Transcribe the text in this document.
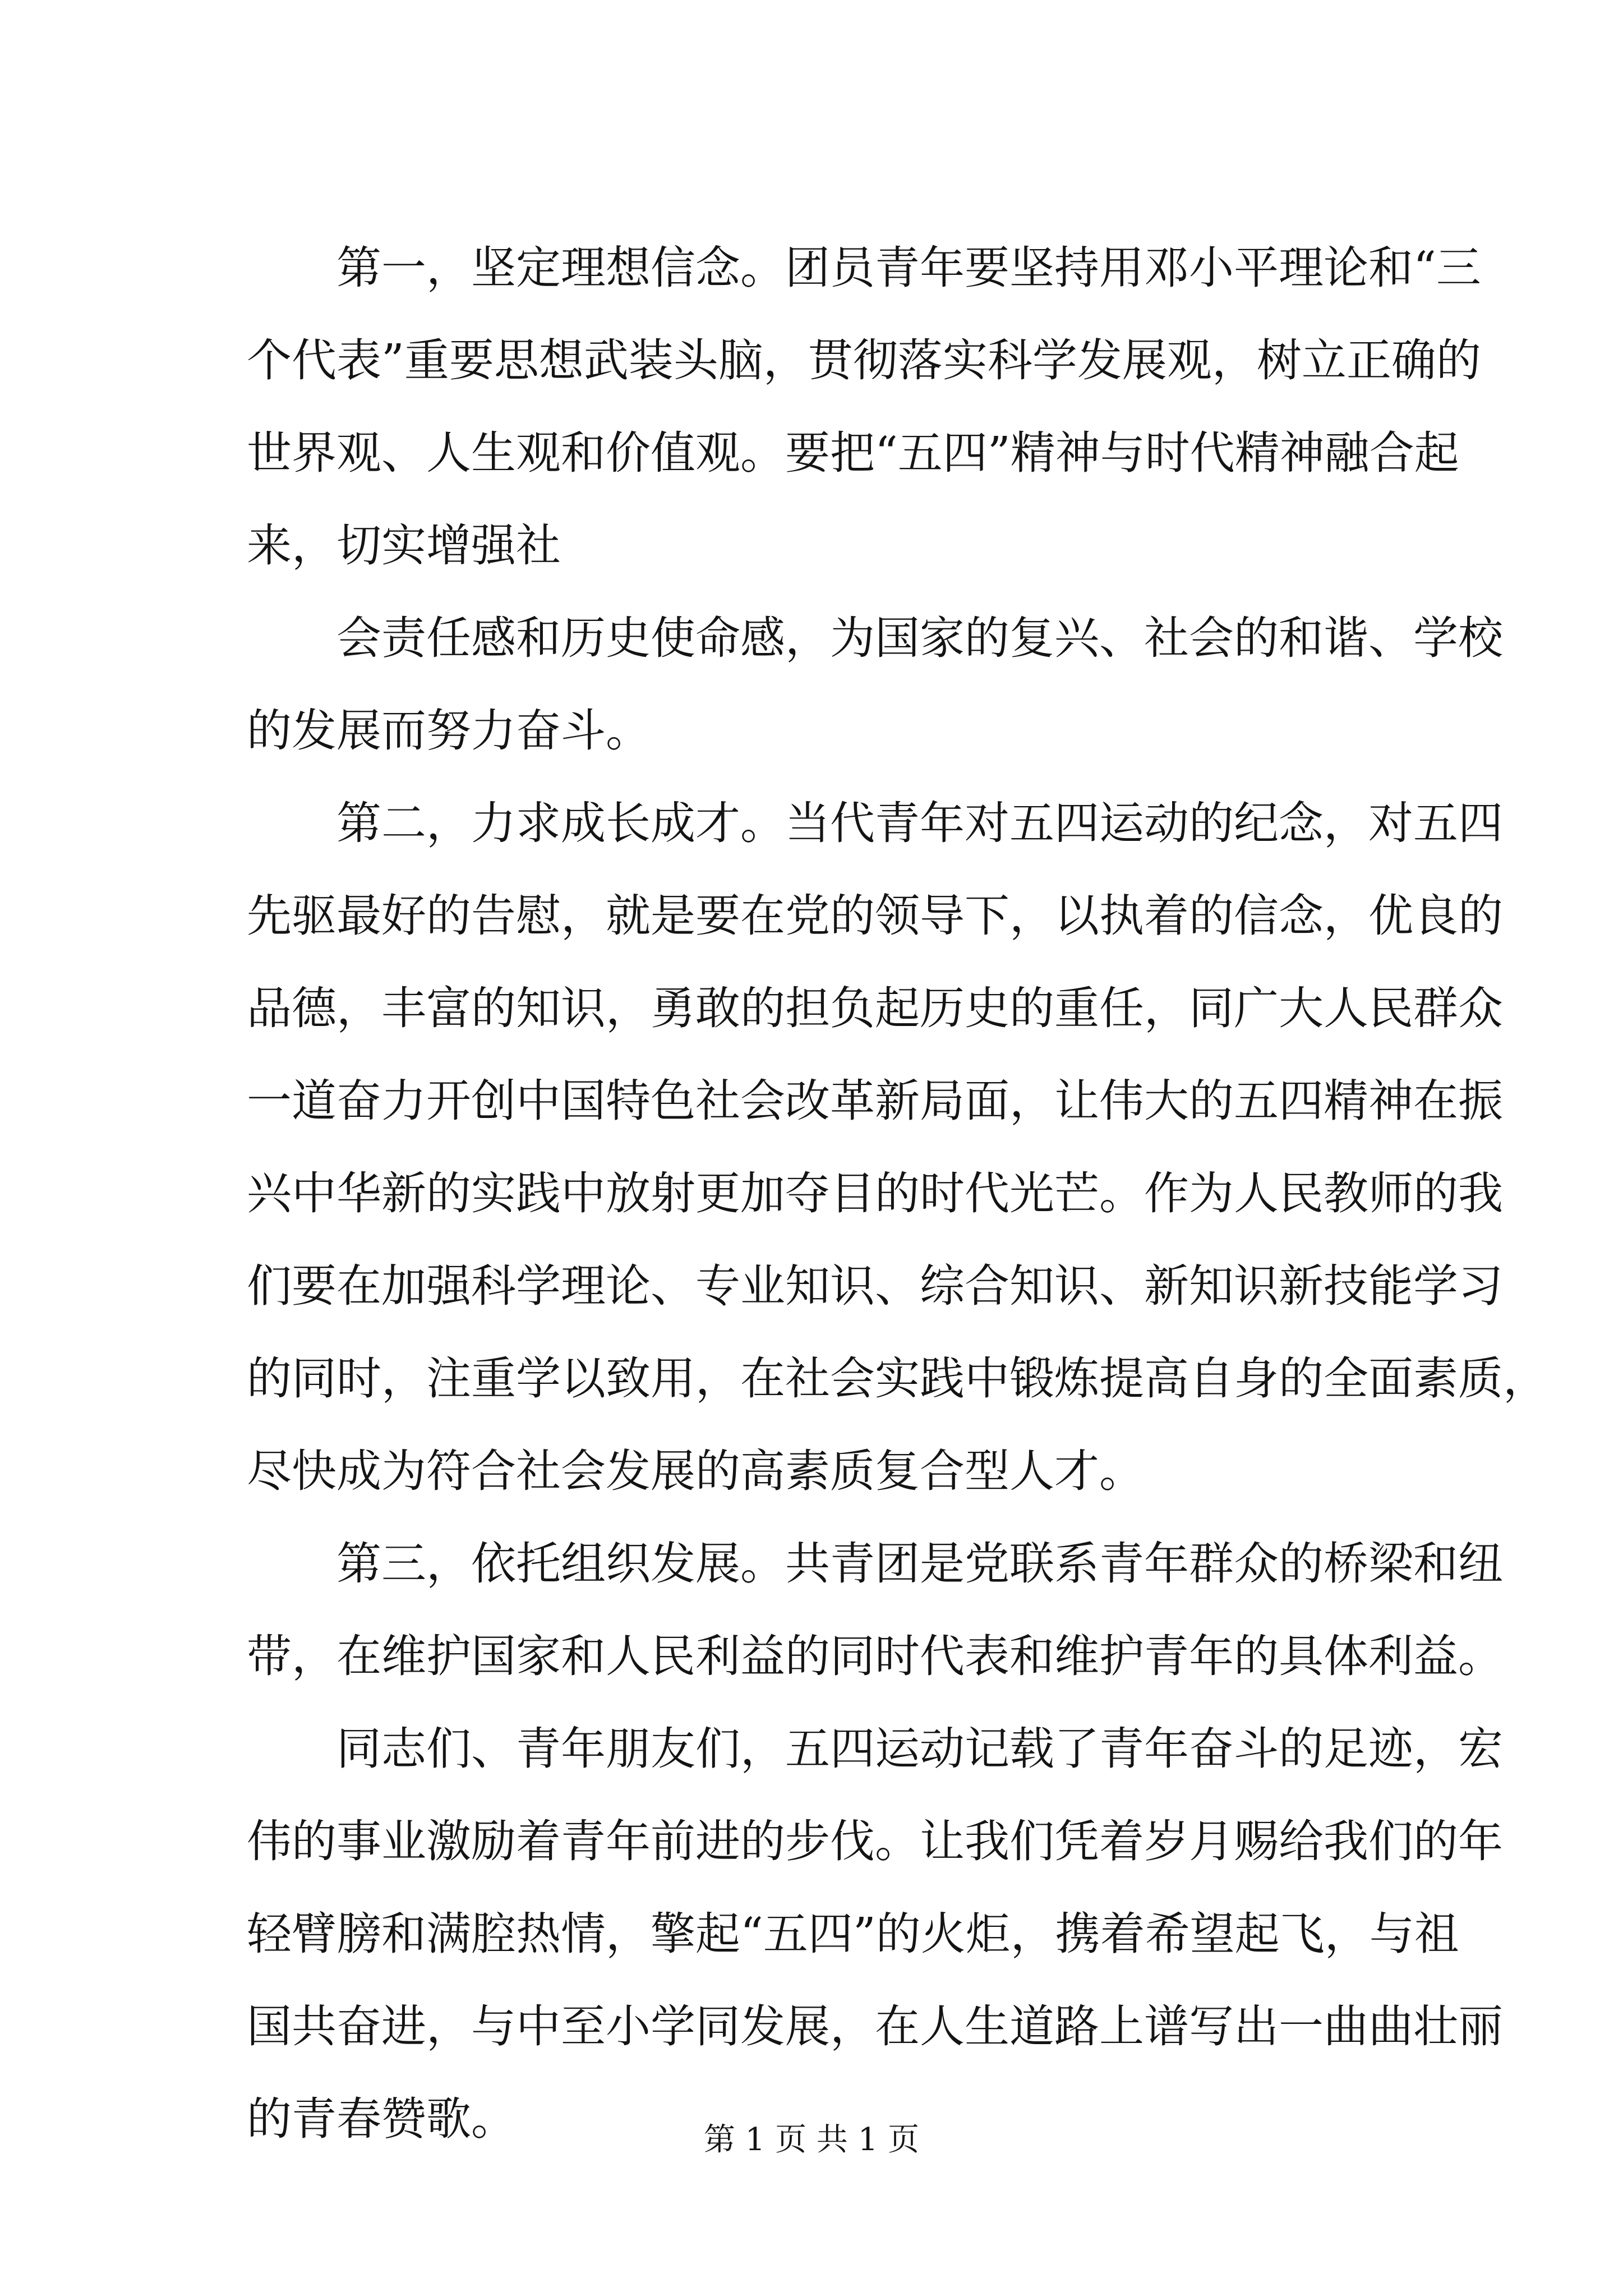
第一，坚定理想信念。团员青年要坚持用邓小平理论和“三
个代表”重要思想武装头脑，贯彻落实科学发展观，树立正确的
世界观、人生观和价值观。要把“五四”精神与时代精神融合起
来，切实增强社
会责任感和历史使命感，为国家的复兴、社会的和谐、学校
的发展而努力奋斗。
第二，力求成长成才。当代青年对五四运动的纪念，对五四
先驱最好的告慰，就是要在党的领导下，以执着的信念，优良的
品德，丰富的知识，勇敢的担负起历史的重任，同广大人民群众
一道奋力开创中国特色社会改革新局面，让伟大的五四精神在振
兴中华新的实践中放射更加夺目的时代光芒。作为人民教师的我
们要在加强科学理论、专业知识、综合知识、新知识新技能学习
的同时，注重学以致用，在社会实践中锻炼提高自身的全面素质，
尽快成为符合社会发展的高素质复合型人才。
第三，依托组织发展。共青团是党联系青年群众的桥梁和纽
带，在维护国家和人民利益的同时代表和维护青年的具体利益。
同志们、青年朋友们，五四运动记载了青年奋斗的足迹，宏
伟的事业激励着青年前进的步伐。让我们凭着岁月赐给我们的年
轻臂膀和满腔热情，擎起“五四”的火炬，携着希望起飞，与祖
国共奋进，与中至小学同发展，在人生道路上谱写出一曲曲壮丽
的青春赞歌。	第 1 页 共 1 页
